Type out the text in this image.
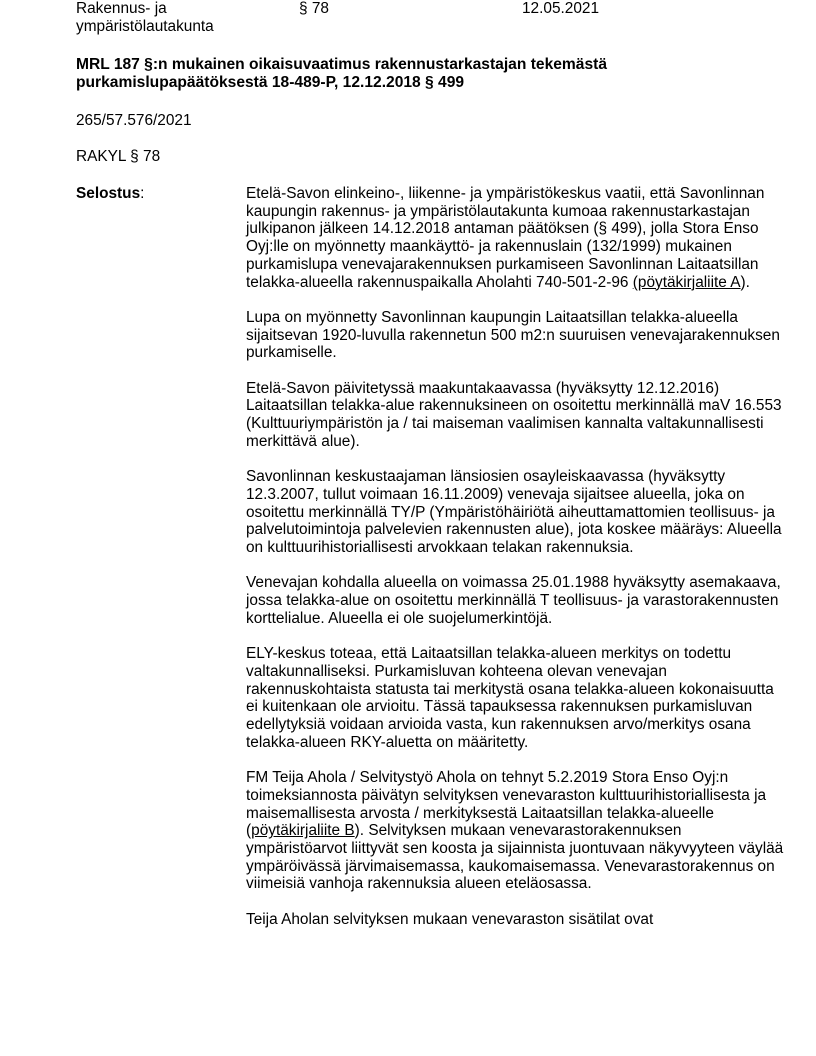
Rakennus- ja ympäristölautakunta
§ 78	12.05.2021
MRL 187 §:n mukainen oikaisuvaatimus rakennustarkastajan tekemästä purkamislupapäätöksestä 18-489-P, 12.12.2018 § 499
265/57.576/2021
RAKYL § 78
Selostus:	Etelä-Savon elinkeino-, liikenne- ja ympäristökeskus vaatii, että Savonlinnan kaupungin rakennus- ja ympäristölautakunta kumoaa rakennustarkastajan julkipanon jälkeen 14.12.2018 antaman päätöksen (§ 499), jolla Stora Enso Oyj:lle on myönnetty maankäyttö- ja rakennuslain (132/1999) mukainen purkamislupa venevajarakennuksen purkamiseen Savonlinnan Laitaatsillan telakka-alueella rakennuspaikalla Aholahti 740-501-2-96 (pöytäkirjaliite A).

Lupa on myönnetty Savonlinnan kaupungin Laitaatsillan telakka-alueella sijaitsevan 1920-luvulla rakennetun 500 m2:n suuruisen venevajarakennuksen purkamiselle.

Etelä-Savon päivitetyssä maakuntakaavassa (hyväksytty 12.12.2016) Laitaatsillan telakka-alue rakennuksineen on osoitettu merkinnällä maV 16.553 (Kulttuuriympäristön ja / tai maiseman vaalimisen kannalta valtakunnallisesti merkittävä alue).

Savonlinnan keskustaajaman länsiosien osayleiskaavassa (hyväksytty 12.3.2007, tullut voimaan 16.11.2009) venevaja sijaitsee alueella, joka on osoitettu merkinnällä TY/P (Ympäristöhäiriötä aiheuttamattomien teollisuus- ja palvelutoimintoja palvelevien rakennusten alue), jota koskee määräys: Alueella on kulttuurihistoriallisesti arvokkaan telakan rakennuksia.

Venevajan kohdalla alueella on voimassa 25.01.1988 hyväksytty asemakaava, jossa telakka-alue on osoitettu merkinnällä T teollisuus- ja varastorakennusten korttelialue. Alueella ei ole suojelumerkintöjä.

ELY-keskus toteaa, että Laitaatsillan telakka-alueen merkitys on todettu valtakunnalliseksi. Purkamisluvan kohteena olevan venevajan rakennuskohtaista statusta tai merkitystä osana telakka-alueen kokonaisuutta ei kuitenkaan ole arvioitu. Tässä tapauksessa rakennuksen purkamisluvan edellytyksiä voidaan arvioida vasta, kun rakennuksen arvo/merkitys osana telakka-alueen RKY-aluetta on määritetty.

FM Teija Ahola / Selvitystyö Ahola on tehnyt 5.2.2019 Stora Enso Oyj:n toimeksiannosta päivätyn selvityksen venevaraston kulttuurihistoriallisesta ja maisemallisesta arvosta / merkityksestä Laitaatsillan telakka-alueelle (pöytäkirjaliite B). Selvityksen mukaan venevarastorakennuksen ympäristöarvot liittyvät sen koosta ja sijainnista juontuvaan näkyvyyteen väylää ympäröivässä järvimaisemassa, kaukomaisemassa. Venevarastorakennus on viimeisiä vanhoja rakennuksia alueen eteläosassa.

Teija Aholan selvityksen mukaan venevaraston sisätilat ovat
